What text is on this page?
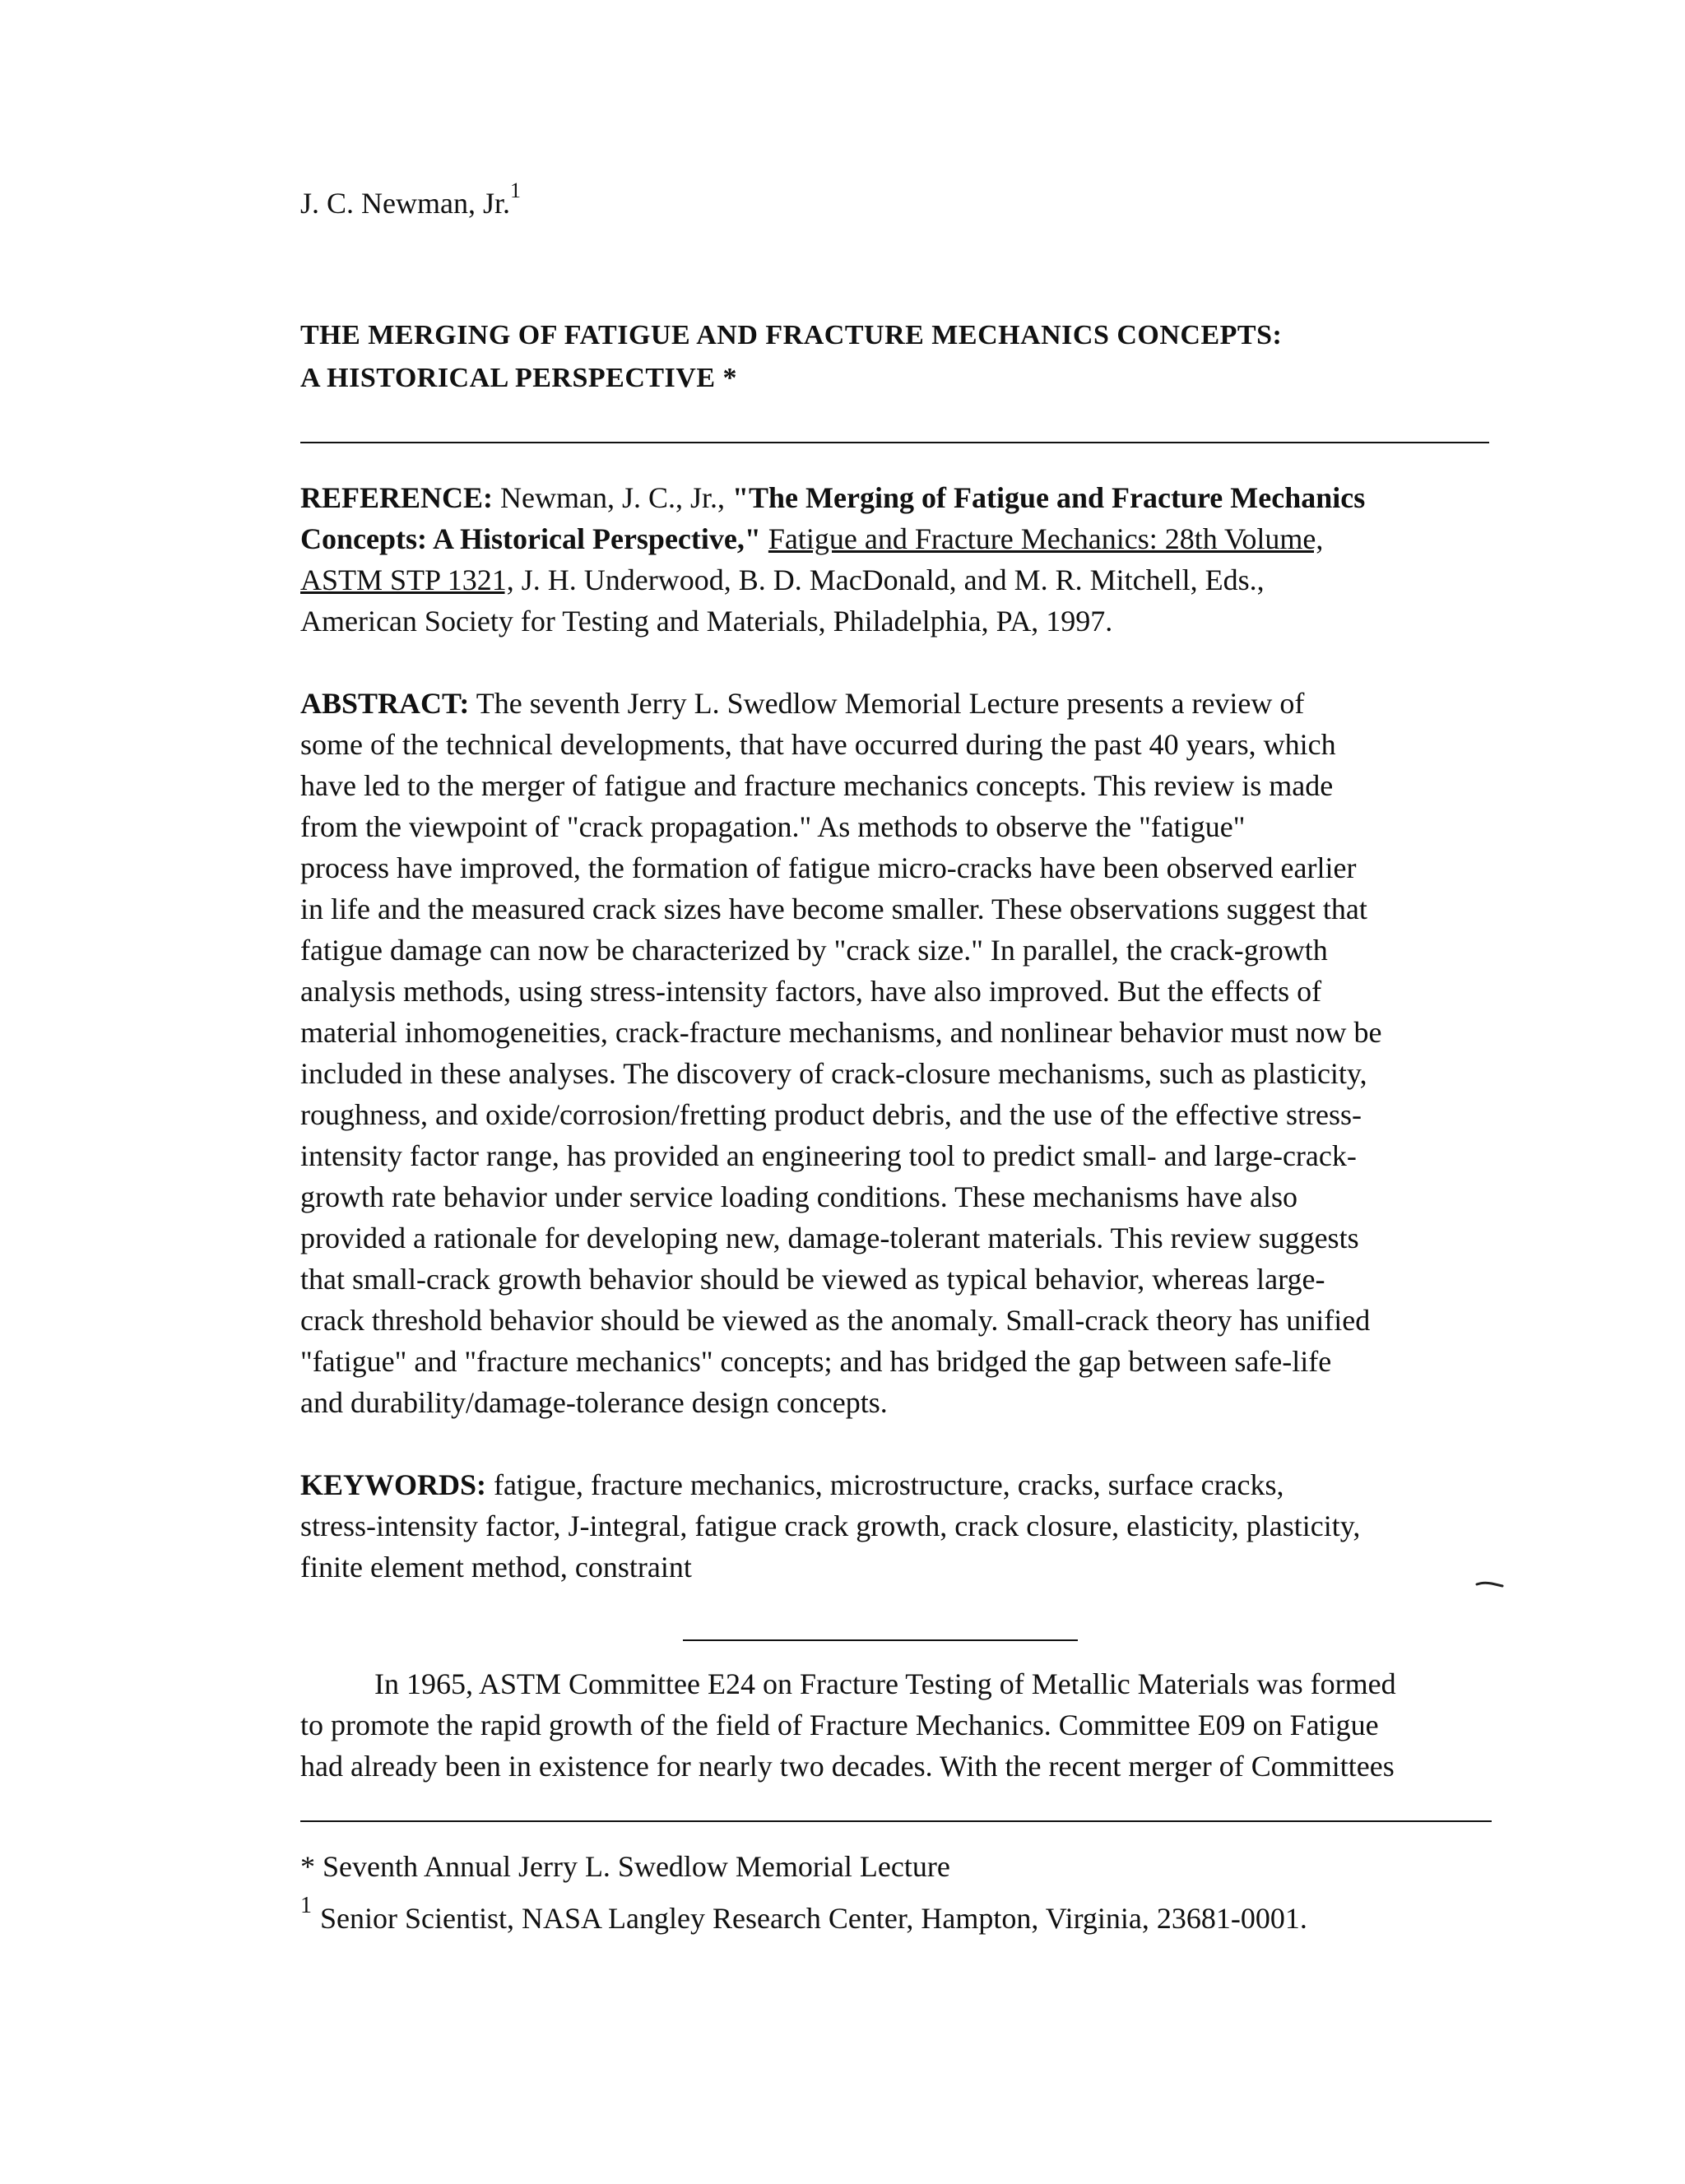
J. C. Newman, Jr.$^1$
THE MERGING OF FATIGUE AND FRACTURE MECHANICS CONCEPTS:
A HISTORICAL PERSPECTIVE *
REFERENCE: Newman, J. C., Jr., "The Merging of Fatigue and Fracture Mechanics
Concepts: A Historical Perspective," Fatigue and Fracture Mechanics: 28th Volume,
ASTM STP 1321, J. H. Underwood, B. D. MacDonald, and M. R. Mitchell, Eds.,
American Society for Testing and Materials, Philadelphia, PA, 1997.
ABSTRACT: The seventh Jerry L. Swedlow Memorial Lecture presents a review of
some of the technical developments, that have occurred during the past 40 years, which
have led to the merger of fatigue and fracture mechanics concepts. This review is made
from the viewpoint of "crack propagation." As methods to observe the "fatigue"
process have improved, the formation of fatigue micro-cracks have been observed earlier
in life and the measured crack sizes have become smaller. These observations suggest that
fatigue damage can now be characterized by "crack size." In parallel, the crack-growth
analysis methods, using stress-intensity factors, have also improved. But the effects of
material inhomogeneities, crack-fracture mechanisms, and nonlinear behavior must now be
included in these analyses. The discovery of crack-closure mechanisms, such as plasticity,
roughness, and oxide/corrosion/fretting product debris, and the use of the effective stress-
intensity factor range, has provided an engineering tool to predict small- and large-crack-
growth rate behavior under service loading conditions. These mechanisms have also
provided a rationale for developing new, damage-tolerant materials. This review suggests
that small-crack growth behavior should be viewed as typical behavior, whereas large-
crack threshold behavior should be viewed as the anomaly. Small-crack theory has unified
"fatigue" and "fracture mechanics" concepts; and has bridged the gap between safe-life
and durability/damage-tolerance design concepts.
KEYWORDS: fatigue, fracture mechanics, microstructure, cracks, surface cracks,
stress-intensity factor, J-integral, fatigue crack growth, crack closure, elasticity, plasticity,
finite element method, constraint
In 1965, ASTM Committee E24 on Fracture Testing of Metallic Materials was formed
to promote the rapid growth of the field of Fracture Mechanics. Committee E09 on Fatigue
had already been in existence for nearly two decades. With the recent merger of Committees
* Seventh Annual Jerry L. Swedlow Memorial Lecture
$^1$ Senior Scientist, NASA Langley Research Center, Hampton, Virginia, 23681-0001.
